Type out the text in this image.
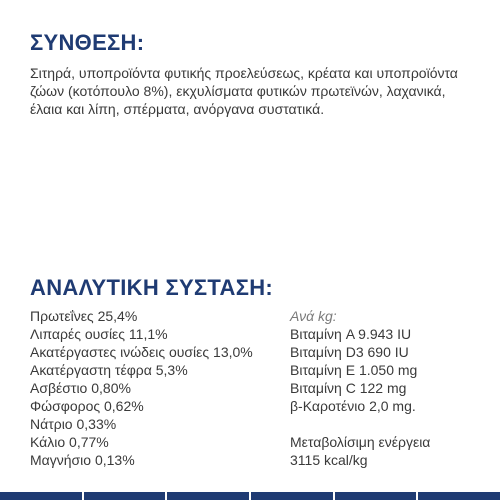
ΣΥΝΘΕΣΗ:

Σιτηρά, υποπροϊόντα φυτικής προελεύσεως, κρέατα και υποπροϊόντα ζώων (κοτόπουλο 8%), εκχυλίσματα φυτικών πρωτεϊνών, λαχανικά, έλαια και λίπη, σπέρματα, ανόργανα συστατικά.

ΑΝΑΛΥΤΙΚΗ ΣΥΣΤΑΣΗ:
Πρωτεΐνες 25,4%
Λιπαρές ουσίες 11,1%
Ακατέργαστες ινώδεις ουσίες 13,0%
Ακατέργαστη τέφρα 5,3%
Ασβέστιο 0,80%
Φώσφορος 0,62%
Νάτριο 0,33%
Κάλιο 0,77%
Μαγνήσιο 0,13%
Ανά kg:
Βιταμίνη A 9.943 IU
Βιταμίνη D3 690 IU
Βιταμίνη E 1.050 mg
Βιταμίνη C 122 mg
β-Καροτένιο 2,0 mg.
Μεταβολίσιμη ενέργεια
3115 kcal/kg
